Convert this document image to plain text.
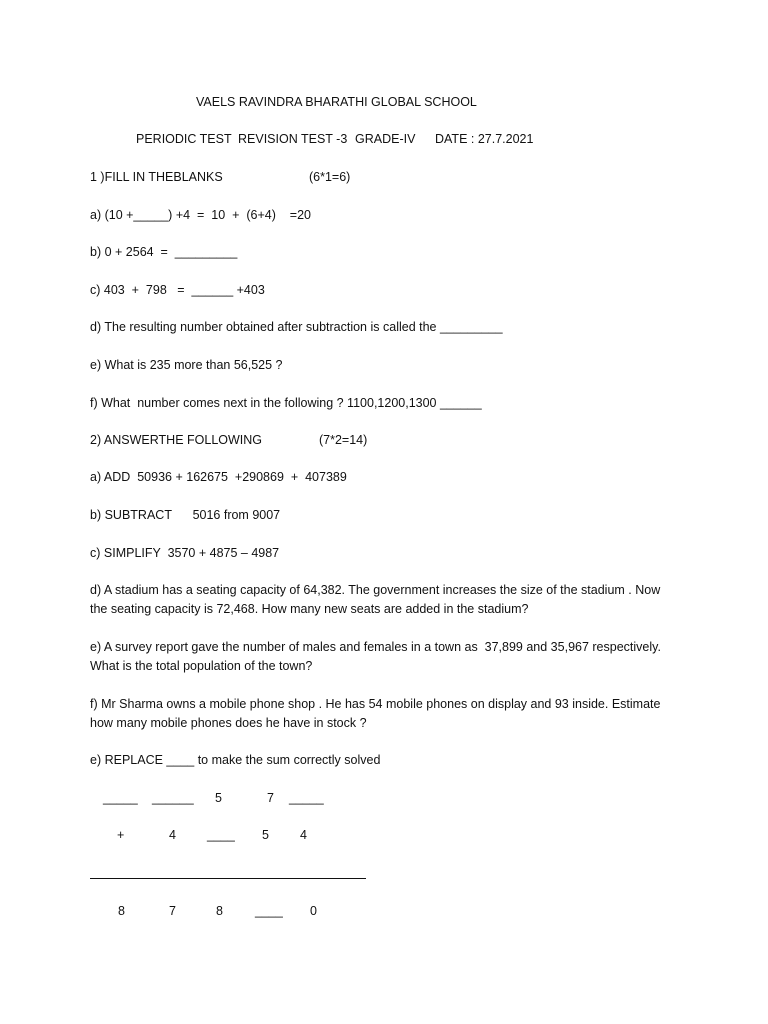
VAELS RAVINDRA BHARATHI GLOBAL SCHOOL
PERIODIC TEST REVISION TEST -3 GRADE-IV DATE : 27.7.2021
1 )FILL IN THEBLANKS	(6*1=6)
a) (10 +_____) +4  =  10  +  (6+4)    =20
b) 0 + 2564  =  _________
c) 403  +  798   =  ______ +403
d) The resulting number obtained after subtraction is called the _________
e) What is 235 more than 56,525 ?
f) What  number comes next in the following ? 1100,1200,1300 ______
2) ANSWERTHE FOLLOWING	(7*2=14)
a) ADD  50936 + 162675  +290869  +  407389
b) SUBTRACT      5016 from 9007
c) SIMPLIFY  3570 + 4875 – 4987
d) A stadium has a seating capacity of 64,382. The government increases the size of the stadium . Now
the seating capacity is 72,468. How many new seats are added in the stadium?
e) A survey report gave the number of males and females in a town as  37,899 and 35,967 respectively.
What is the total population of the town?
f) Mr Sharma owns a mobile phone shop . He has 54 mobile phones on display and 93 inside. Estimate
how many mobile phones does he have in stock ?
e) REPLACE ____ to make the sum correctly solved
_____ ______ 5	7 _____
+	4 ____ 5 4
8	7	8	____ 0
